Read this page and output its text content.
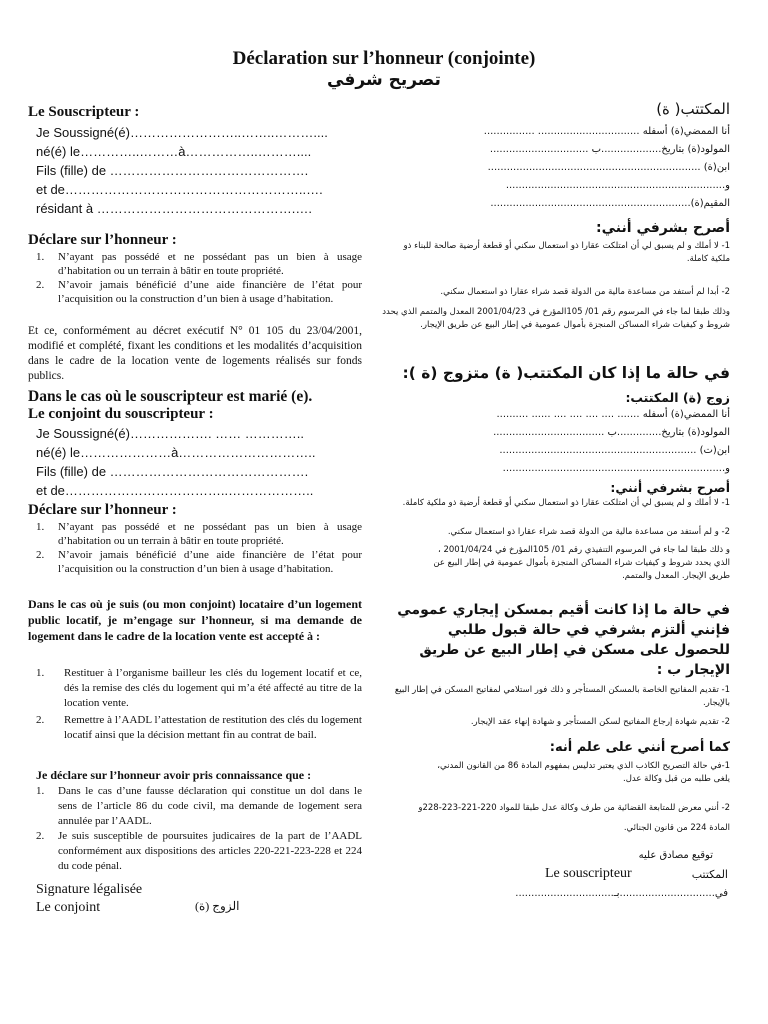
Déclaration sur l’honneur (conjointe)
تصريح شرفي
Le Souscripteur :
Je Soussigné(é)……………………..……..………....
né(é) le…………..………à……………..………....
Fils (fille) de ……………………………………….
et de………………………………………………..….
résidant à ……………………………………….….
Déclare sur l’honneur :
1.	N’ayant pas possédé et ne possédant pas un bien à usage d’habitation ou un terrain à bâtir en toute propriété.
2.	N’avoir jamais bénéficié d’une aide financière de l’état pour l’acquisition ou la construction d’un bien à usage d’habitation.
Et ce, conformément au décret exécutif N° 01 105 du 23/04/2001, modifié et complété, fixant les conditions et les modalités d’acquisition dans le cadre de la location vente de logements réalisés sur fonds publics.
Dans le cas où le souscripteur est marié (e).
Le conjoint du souscripteur :
Je Soussigné(é)………………. …… …………..
né(é) le…………………à…………………………..
Fils (fille) de ……………………………………….
et de………………………………..………………..
Déclare sur l’honneur :
1.	N’ayant pas possédé et ne possédant pas un bien à usage d’habitation ou un terrain à bâtir en toute propriété.
2.	N’avoir jamais bénéficié d’une aide financière de l’état pour l’acquisition ou la construction d’un bien à usage d’habitation.
Dans le cas où je suis (ou mon conjoint) locataire d’un logement public locatif, je m’engage sur l’honneur, si ma demande de logement dans le cadre de la location vente est accepté à :
1.	Restituer à l’organisme bailleur les clés du logement locatif et ce, dés la remise des clés du logement qui m’a été affecté au titre de la location vente.
2.	Remettre à l’AADL l’attestation de restitution des clés du logement locatif ainsi que la décision mettant fin au contrat de bail.
Je déclare sur l’honneur avoir pris connaissance que :
1.	Dans le cas d’une fausse déclaration qui constitue un dol dans le sens de l’article 86 du code civil, ma demande de logement sera annulée par l’AADL.
2.	Je suis susceptible de poursuites judicaires de la part de l’AADL conformément aux dispositions des articles 220-221-223-228 et 224 du code pénal.
Signature légalisée
Le conjoint	الزوج (ة)
المكتتب( ة)
أنا الممضي(ة) أسفله ................................ ................
المولود(ة) بتاريخ...................ب ...............................
ابن(ة) ...................................................................
و.....................................................................
المقيم(ة)...............................................................
أصرح بشرفي أنني:
1- لا أملك و لم يسبق لي أن امتلكت عقارا ذو استعمال سكني أو قطعة أرضية صالحة للبناء ذو ملكية كاملة.
2- أبدا لم أستفد من مساعدة مالية من الدولة قصد شراء عقارا ذو استعمال سكني.
وذلك طبقا لما جاء في المرسوم رقم 01/ 105المؤرخ في 2001/04/23 المعدل والمتمم الذي يحدد شروط و كيفيات شراء المساكن المنجزة بأموال عمومية في إطار البيع عن طريق الإيجار.
في حالة ما إذا كان المكتتب( ة) متزوج (ة ):
زوج (ة) المكتتب:
أنا الممضي(ة) أسفله ....... .... .... .... .... ...... ..........
المولود(ة) بتاريخ..............ب ...................................
ابن(ت) ..............................................................
و......................................................................
أصرح بشرفي أنني:
1- لا أملك و لم يسبق لي أن امتلكت عقارا ذو استعمال سكني أو قطعة أرضية ذو ملكية كاملة.
2- و لم أستفد من مساعدة مالية من الدولة قصد شراء عقارا ذو استعمال سكني.
و ذلك طبقا لما جاء في المرسوم التنفيذي رقم 01/ 105المؤرخ في 2001/04/24 ، الذي يحدد شروط و كيفيات شراء المساكن المنجزة بأموال عمومية في إطار البيع عن طريق الإيجار. المعدل والمتمم.
في حالة ما إذا كانت أقيم بمسكن إيجاري عمومي فإنني ألتزم بشرفي في حالة قبول طلبي للحصول على مسكن في إطار البيع عن طريق الإيجار ب :
1- تقديم المفاتيح الخاصة بالمسكن المستأجر و ذلك فور استلامي لمفاتيح المسكن في إطار البيع بالإيجار.
2- تقديم شهادة إرجاع المفاتيح لسكن المستأجر و شهادة إنهاء عقد الإيجار.
كما أصرح أنني على علم أنه:
1-في حالة التصريح الكاذب الذي يعتبر تدليس بمفهوم المادة 86 من القانون المدني، يلغى طلبه من قبل وكالة عدل.
2- أنني معرض للمتابعة القضائية من طرف وكالة عدل طبقا للمواد 220-221-223-228و المادة 224 من قانون الجنائي.
توقيع مصادق عليه
المكتتب
Le souscripteur
في..............................بـ...............................
